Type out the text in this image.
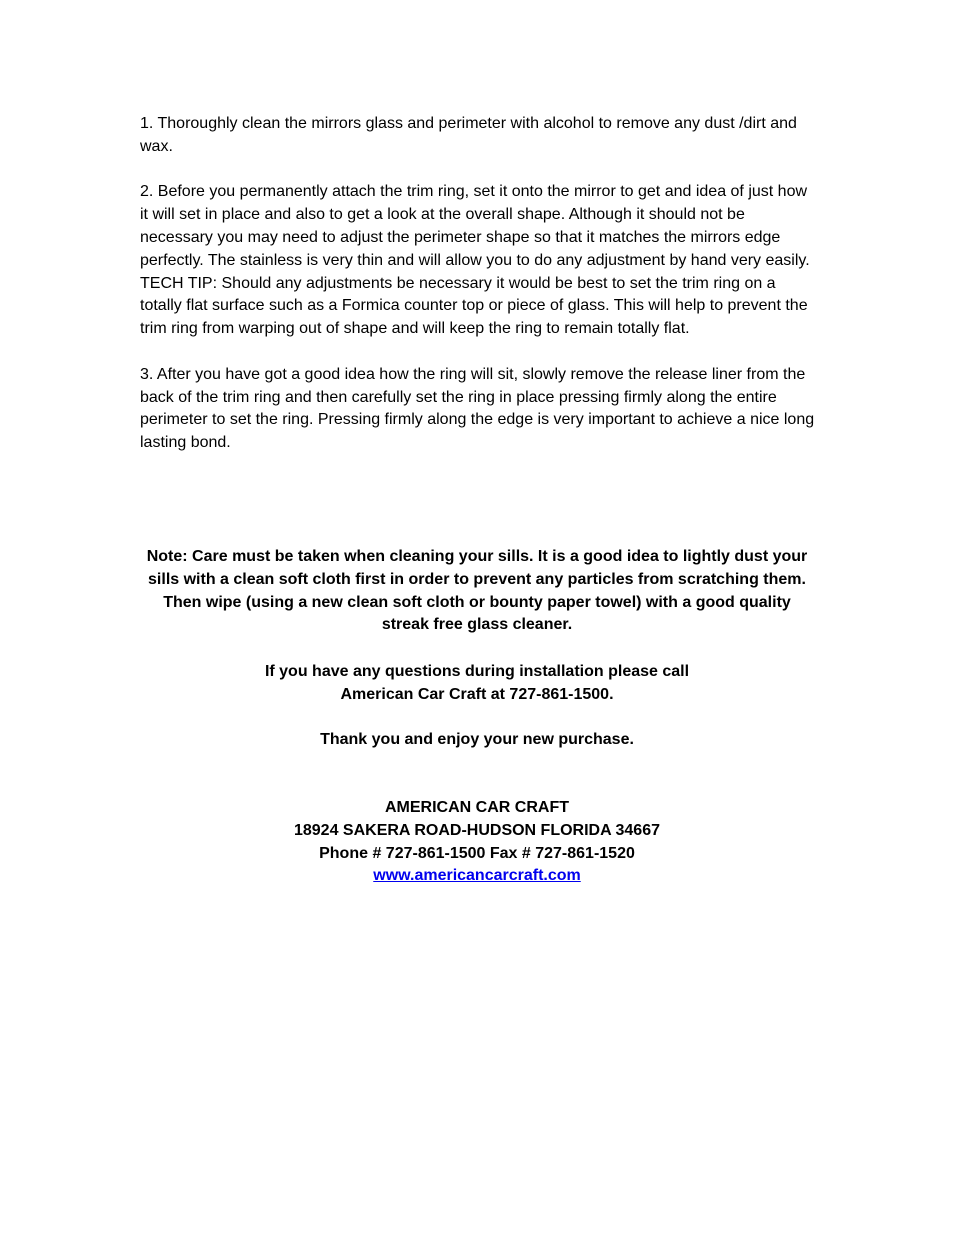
1. Thoroughly clean the mirrors glass and perimeter with alcohol to remove any dust /dirt and wax.

2. Before you permanently attach the trim ring, set it onto the mirror to get and idea of just how it will set in place and also to get a look at the overall shape. Although it should not be necessary you may need to adjust the perimeter shape so that it matches the mirrors edge perfectly. The stainless is very thin and will allow you to do any adjustment by hand very easily. TECH TIP: Should any adjustments be necessary it would be best to set the trim ring on a totally flat surface such as a Formica counter top or piece of glass. This will help to prevent the trim ring from warping out of shape and will keep the ring to remain totally flat.

3. After you have got a good idea how the ring will sit, slowly remove the release liner from the back of the trim ring and then carefully set the ring in place pressing firmly along the entire perimeter to set the ring. Pressing firmly along the edge is very important to achieve a nice long lasting bond.

Note: Care must be taken when cleaning your sills. It is a good idea to lightly dust your

sills with a clean soft cloth first in order to prevent any particles from scratching them.

Then wipe (using a new clean soft cloth or bounty paper towel) with a good quality

streak free glass cleaner.

If you have any questions during installation please call

American Car Craft at 727-861-1500.

Thank you and enjoy your new purchase.

AMERICAN CAR CRAFT

18924 SAKERA ROAD-HUDSON FLORIDA 34667

Phone # 727-861-1500 Fax # 727-861-1520

www.americancarcraft.com
